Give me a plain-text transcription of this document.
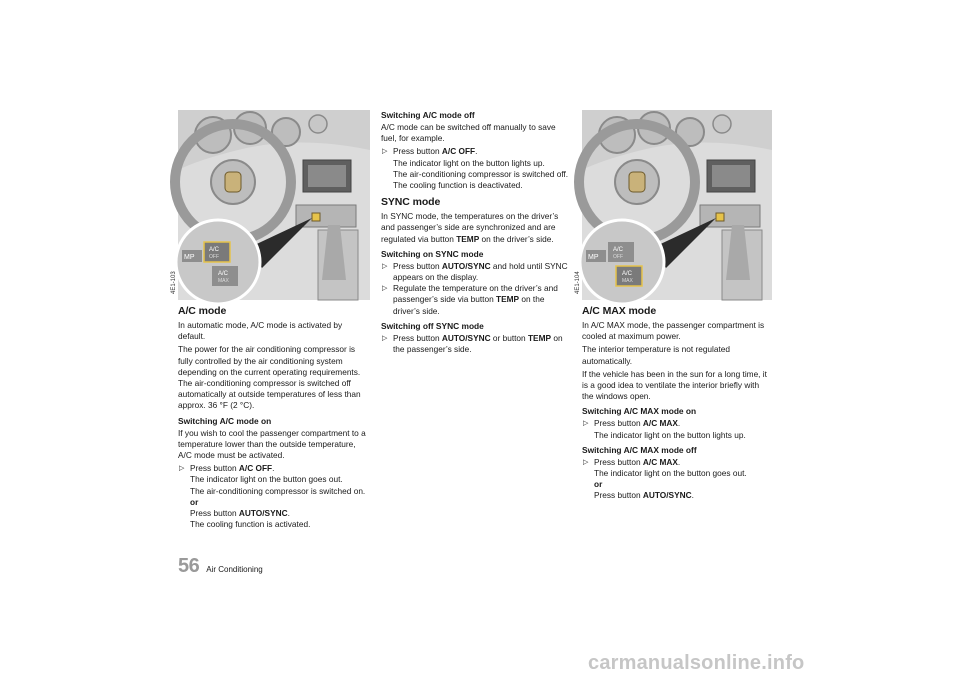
MP
A/C
OFF
A/C
MAX
4E1-103
A/C mode

In automatic mode, A/C mode is activated by default.

The power for the air conditioning compressor is fully controlled by the air conditioning system depending on the current operating requirements. The air-conditioning compressor is switched off automatically at outside temperatures of less than approx. 36 °F (2 °C).

Switching A/C mode on

If you wish to cool the passenger compartment to a temperature lower than the outside temperature, A/C mode must be activated.

▷ Press button A/C OFF.
The indicator light on the button goes out.
The air-conditioning compressor is switched on.
or
Press button AUTO/SYNC.
The cooling function is activated.
Switching A/C mode off

A/C mode can be switched off manually to save fuel, for example.

▷ Press button A/C OFF.
The indicator light on the button lights up.
The air-conditioning compressor is switched off.
The cooling function is deactivated.
SYNC mode

In SYNC mode, the temperatures on the driver’s and passenger’s side are synchronized and are regulated via button TEMP on the driver’s side.

Switching on SYNC mode
▷ Press button AUTO/SYNC and hold until SYNC appears on the display.
▷ Regulate the temperature on the driver’s and passenger’s side via button TEMP on the driver’s side.
Switching off SYNC mode
▷ Press button AUTO/SYNC or button TEMP on the passenger’s side.
MP
A/C
OFF
A/C
MAX
4E1-104
A/C MAX mode

In A/C MAX mode, the passenger compartment is cooled at maximum power.

The interior temperature is not regulated automatically.

If the vehicle has been in the sun for a long time, it is a good idea to ventilate the interior briefly with the windows open.

Switching A/C MAX mode on
▷ Press button A/C MAX.
The indicator light on the button lights up.
Switching A/C MAX mode off
▷ Press button A/C MAX.
The indicator light on the button goes out.
or
Press button AUTO/SYNC.
56 Air Conditioning
carmanualsonline.info
